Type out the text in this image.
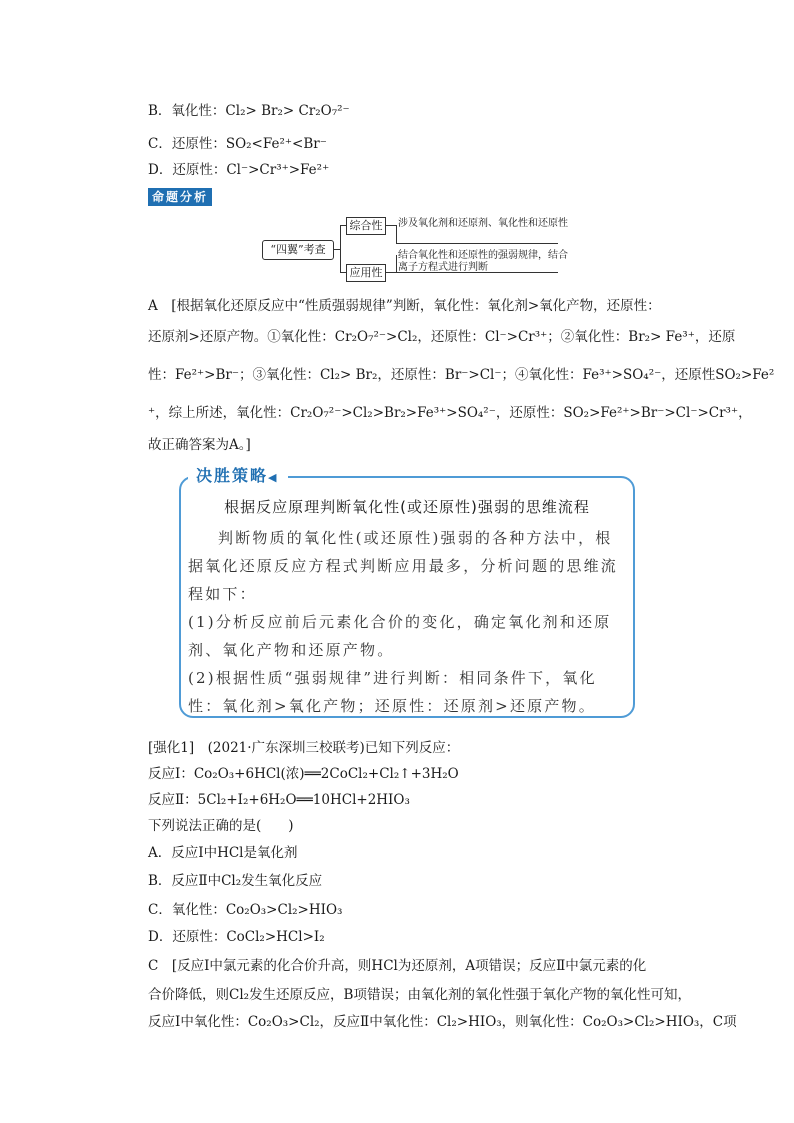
B．氧化性：Cl₂> Br₂> Cr₂O₇²⁻
C．还原性：SO₂<Fe²⁺<Br⁻
D．还原性：Cl⁻>Cr³⁺>Fe²⁺
命题分析
“四翼”考查
综合性
应用性
涉及氧化剂和还原剂、氧化性和还原性
结合氧化性和还原性的强弱规律，结合离子方程式进行判断
A　[根据氧化还原反应中“性质强弱规律”判断，氧化性：氧化剂>氧化产物，还原性：
还原剂>还原产物。①氧化性：Cr₂O₇²⁻>Cl₂，还原性：Cl⁻>Cr³⁺；②氧化性：Br₂> Fe³⁺，还原
性：Fe²⁺>Br⁻；③氧化性：Cl₂> Br₂，还原性：Br⁻>Cl⁻；④氧化性：Fe³⁺>SO₄²⁻，还原性SO₂>Fe²
⁺，综上所述，氧化性：Cr₂O₇²⁻>Cl₂>Br₂>Fe³⁺>SO₄²⁻，还原性：SO₂>Fe²⁺>Br⁻>Cl⁻>Cr³⁺，
故正确答案为A。]
决胜策略◀
根据反应原理判断氧化性(或还原性)强弱的思维流程

判断物质的氧化性(或还原性)强弱的各种方法中，根据氧化还原反应方程式判断应用最多，分析问题的思维流程如下：

(1)分析反应前后元素化合价的变化，确定氧化剂和还原剂、氧化产物和还原产物。

(2)根据性质“强弱规律”进行判断：相同条件下，氧化性：氧化剂>氧化产物；还原性：还原剂>还原产物。

[强化1]　(2021·广东深圳三校联考)已知下列反应：
反应Ⅰ：Co₂O₃+6HCl(浓)══2CoCl₂+Cl₂↑+3H₂O
反应Ⅱ：5Cl₂+I₂+6H₂O══10HCl+2HIO₃
下列说法正确的是(　　)
A．反应Ⅰ中HCl是氧化剂
B．反应Ⅱ中Cl₂发生氧化反应
C．氧化性：Co₂O₃>Cl₂>HIO₃
D．还原性：CoCl₂>HCl>I₂
C　[反应Ⅰ中氯元素的化合价升高，则HCl为还原剂，A项错误；反应Ⅱ中氯元素的化
合价降低，则Cl₂发生还原反应，B项错误；由氧化剂的氧化性强于氧化产物的氧化性可知，
反应Ⅰ中氧化性：Co₂O₃>Cl₂，反应Ⅱ中氧化性：Cl₂>HIO₃，则氧化性：Co₂O₃>Cl₂>HIO₃，C项
